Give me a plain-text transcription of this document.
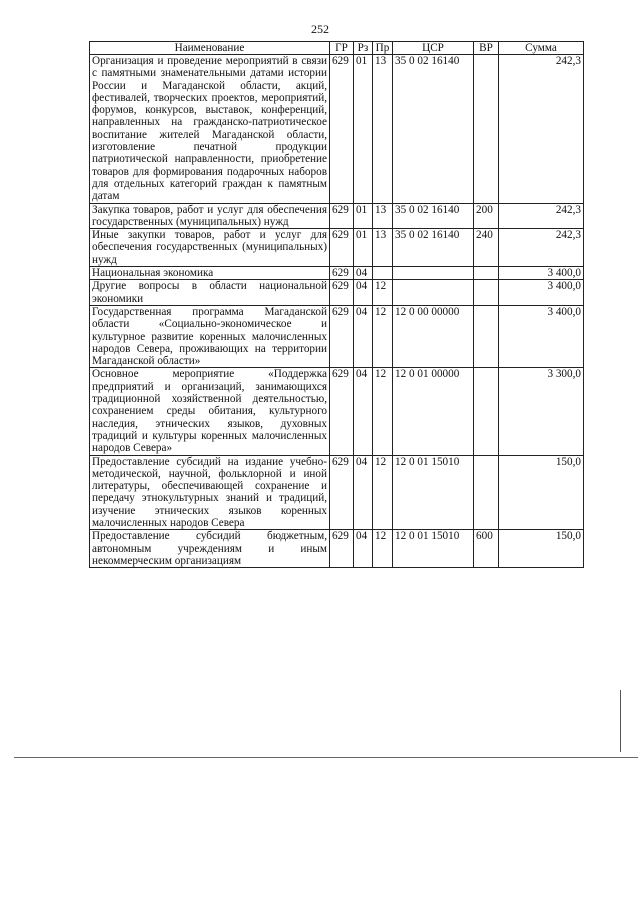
252
Наименование	ГР	Рз	Пр	ЦСР	ВР	Сумма
Организация и проведение мероприятий в связи с памятными знаменательными датами истории России и Магаданской области, акций, фестивалей, творческих проектов, мероприятий, форумов, конкурсов, выставок, конференций, направленных на гражданско-патриотическое воспитание жителей Магаданской области, изготовление печатной продукции патриотической направленности, приобретение товаров для формирования подарочных наборов для отдельных категорий граждан к памятным датам	629	01	13	35 0 02 16140		242,3
Закупка товаров, работ и услуг для обеспечения государственных (муниципальных) нужд	629	01	13	35 0 02 16140	200	242,3
Иные закупки товаров, работ и услуг для обеспечения государственных (муниципальных) нужд	629	01	13	35 0 02 16140	240	242,3
Национальная экономика	629	04				3 400,0
Другие вопросы в области национальной экономики	629	04	12			3 400,0
Государственная программа Магаданской области «Социально-экономическое и культурное развитие коренных малочисленных народов Севера, проживающих на территории Магаданской области»	629	04	12	12 0 00 00000		3 400,0
Основное мероприятие «Поддержка предприятий и организаций, занимающихся традиционной хозяйственной деятельностью, сохранением среды обитания, культурного наследия, этнических языков, духовных традиций и культуры коренных малочисленных народов Севера»	629	04	12	12 0 01 00000		3 300,0
Предоставление субсидий на издание учебно-методической, научной, фольклорной и иной литературы, обеспечивающей сохранение и передачу этнокультурных знаний и традиций, изучение этнических языков коренных малочисленных народов Севера	629	04	12	12 0 01 15010		150,0
Предоставление субсидий бюджетным, автономным учреждениям и иным некоммерческим организациям	629	04	12	12 0 01 15010	600	150,0
